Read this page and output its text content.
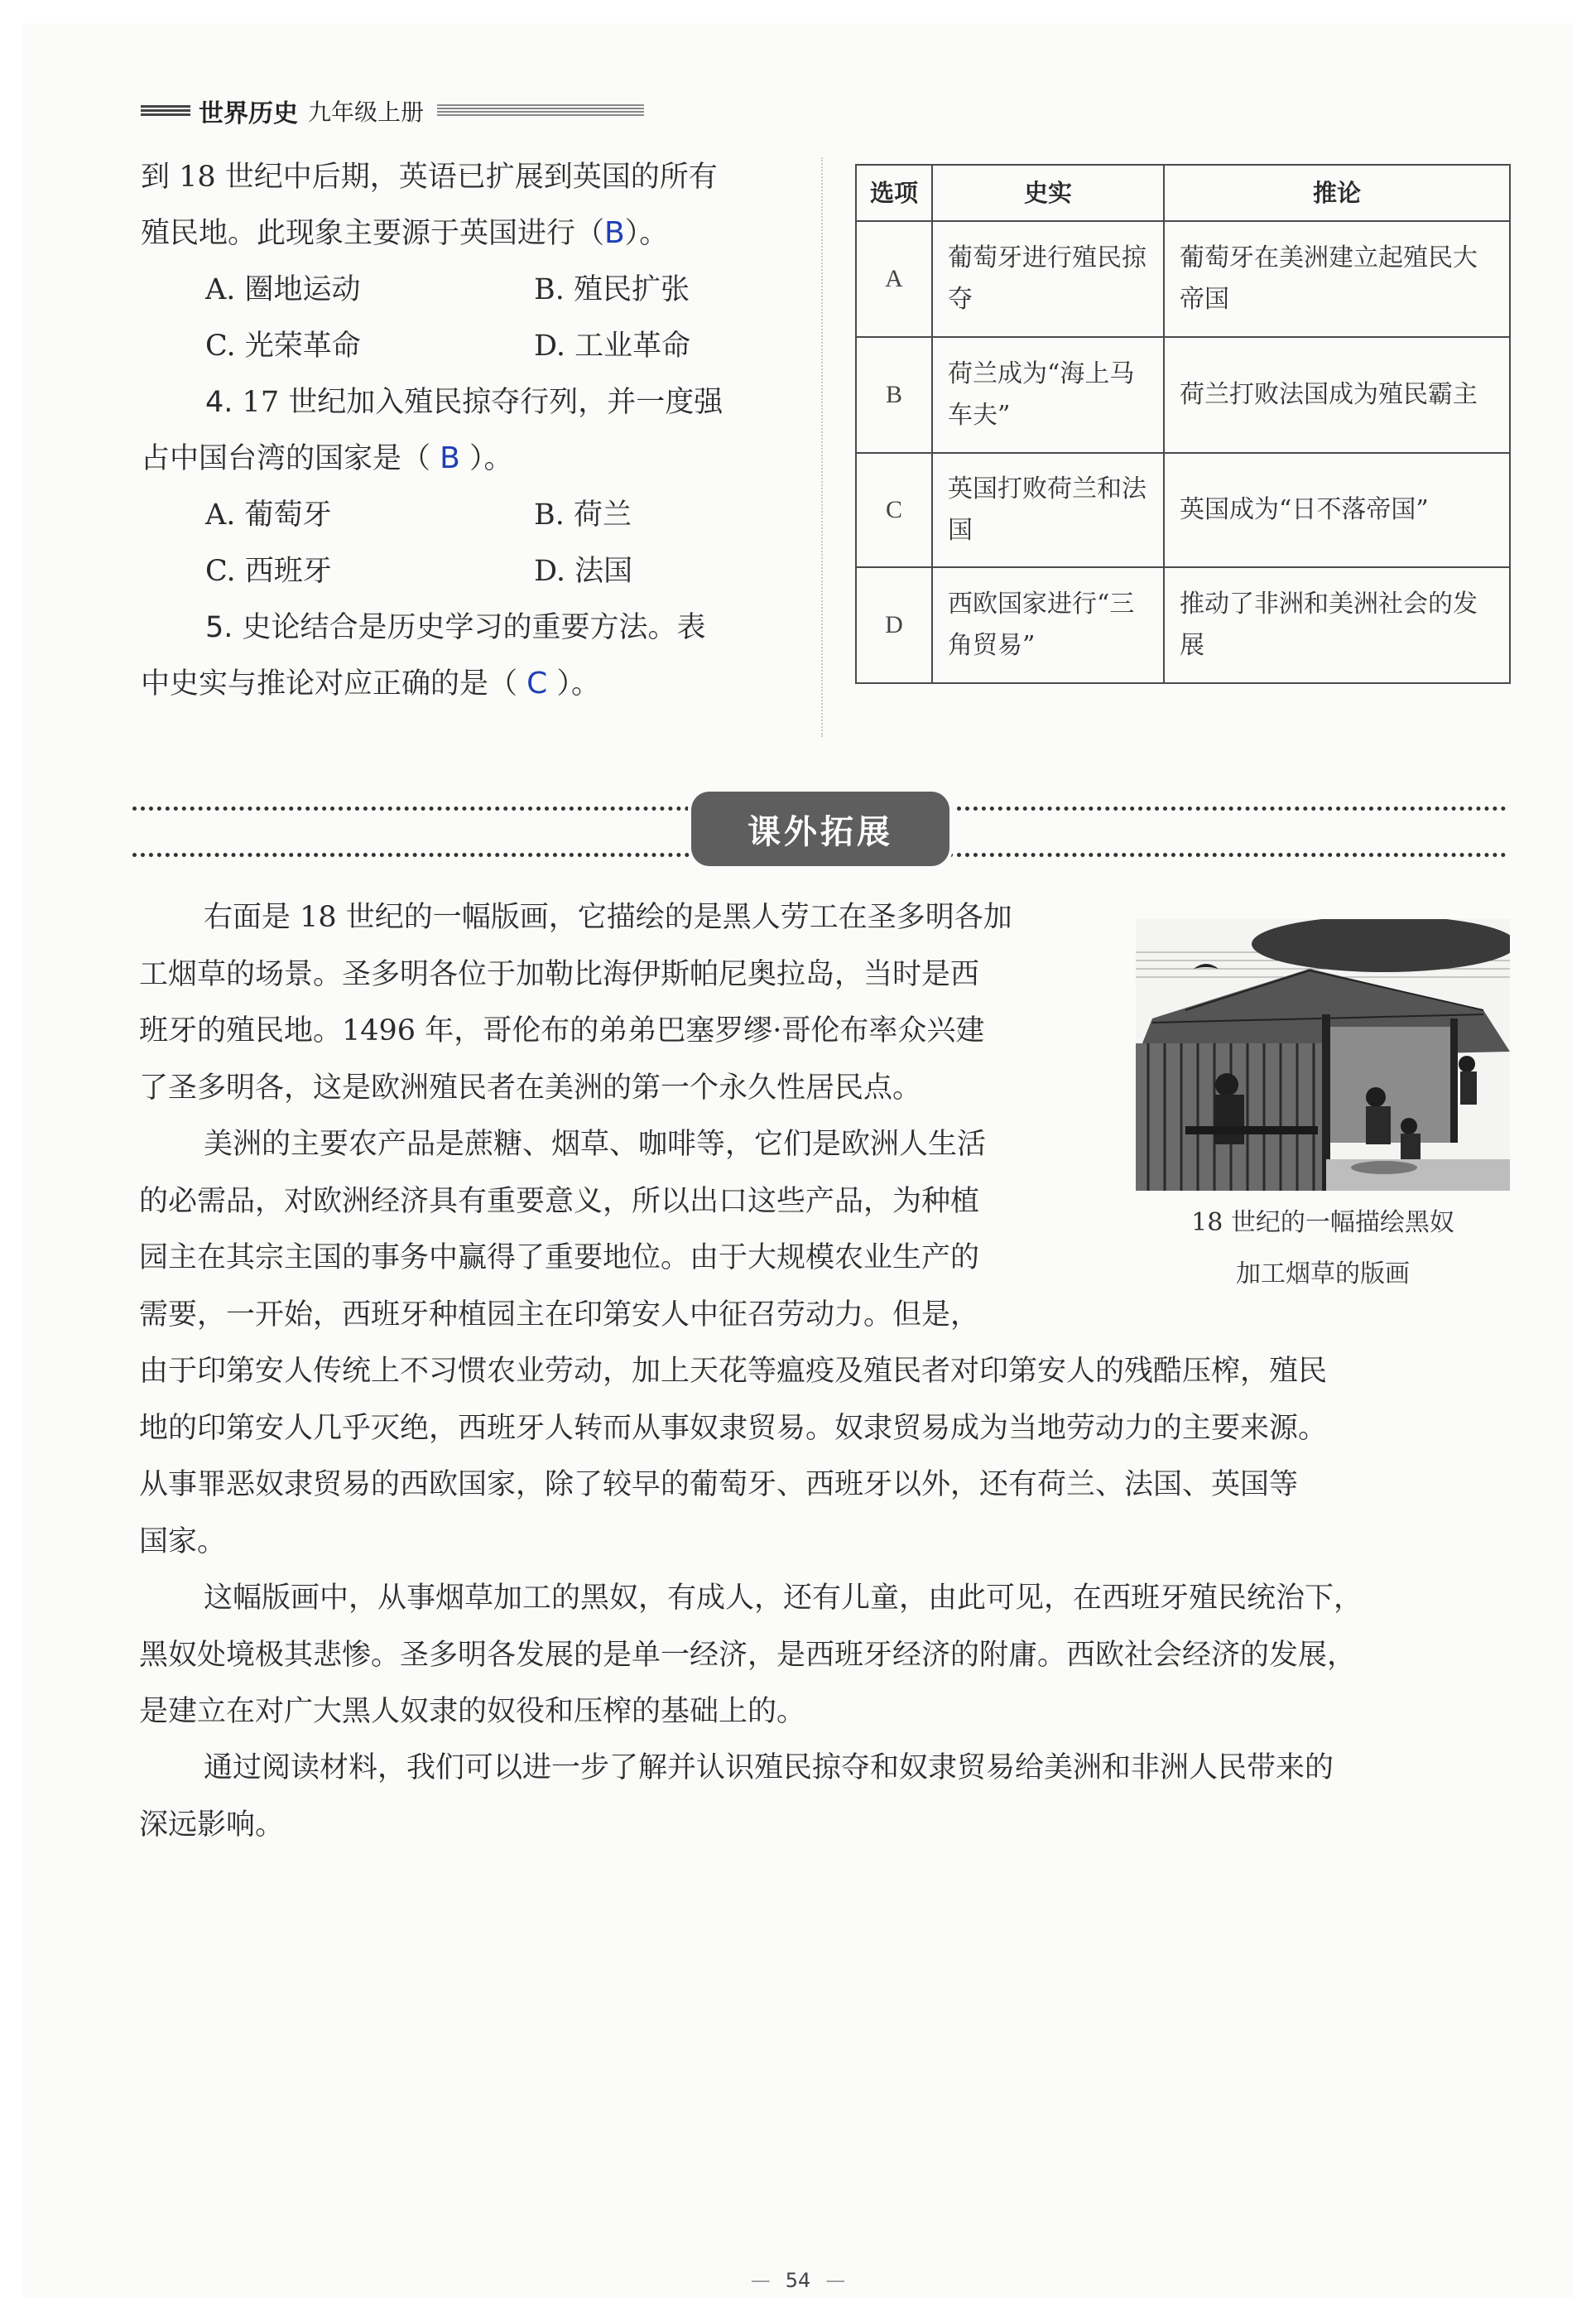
世界历史 九年级上册
到 18 世纪中后期，英语已扩展到英国的所有
殖民地。此现象主要源于英国进行（B）。
A. 圈地运动	B. 殖民扩张
C. 光荣革命	D. 工业革命
4. 17 世纪加入殖民掠夺行列，并一度强
占中国台湾的国家是（ B ）。
A. 葡萄牙	B. 荷兰
C. 西班牙	D. 法国
5. 史论结合是历史学习的重要方法。表
中史实与推论对应正确的是（ C ）。
选项	史实	推论
A	葡萄牙进行殖民掠夺	葡萄牙在美洲建立起殖民大帝国
B	荷兰成为“海上马车夫”	荷兰打败法国成为殖民霸主
C	英国打败荷兰和法国	英国成为“日不落帝国”
D	西欧国家进行“三角贸易”	推动了非洲和美洲社会的发展
课外拓展
右面是 18 世纪的一幅版画，它描绘的是黑人劳工在圣多明各加
工烟草的场景。圣多明各位于加勒比海伊斯帕尼奥拉岛，当时是西
班牙的殖民地。1496 年，哥伦布的弟弟巴塞罗缪·哥伦布率众兴建
了圣多明各，这是欧洲殖民者在美洲的第一个永久性居民点。
美洲的主要农产品是蔗糖、烟草、咖啡等，它们是欧洲人生活
的必需品，对欧洲经济具有重要意义，所以出口这些产品，为种植
园主在其宗主国的事务中赢得了重要地位。由于大规模农业生产的
需要，一开始，西班牙种植园主在印第安人中征召劳动力。但是，
由于印第安人传统上不习惯农业劳动，加上天花等瘟疫及殖民者对印第安人的残酷压榨，殖民
地的印第安人几乎灭绝，西班牙人转而从事奴隶贸易。奴隶贸易成为当地劳动力的主要来源。
从事罪恶奴隶贸易的西欧国家，除了较早的葡萄牙、西班牙以外，还有荷兰、法国、英国等
国家。
这幅版画中，从事烟草加工的黑奴，有成人，还有儿童，由此可见，在西班牙殖民统治下，
黑奴处境极其悲惨。圣多明各发展的是单一经济，是西班牙经济的附庸。西欧社会经济的发展，
是建立在对广大黑人奴隶的奴役和压榨的基础上的。
通过阅读材料，我们可以进一步了解并认识殖民掠夺和奴隶贸易给美洲和非洲人民带来的
深远影响。
18 世纪的一幅描绘黑奴
加工烟草的版画
— 54 —
